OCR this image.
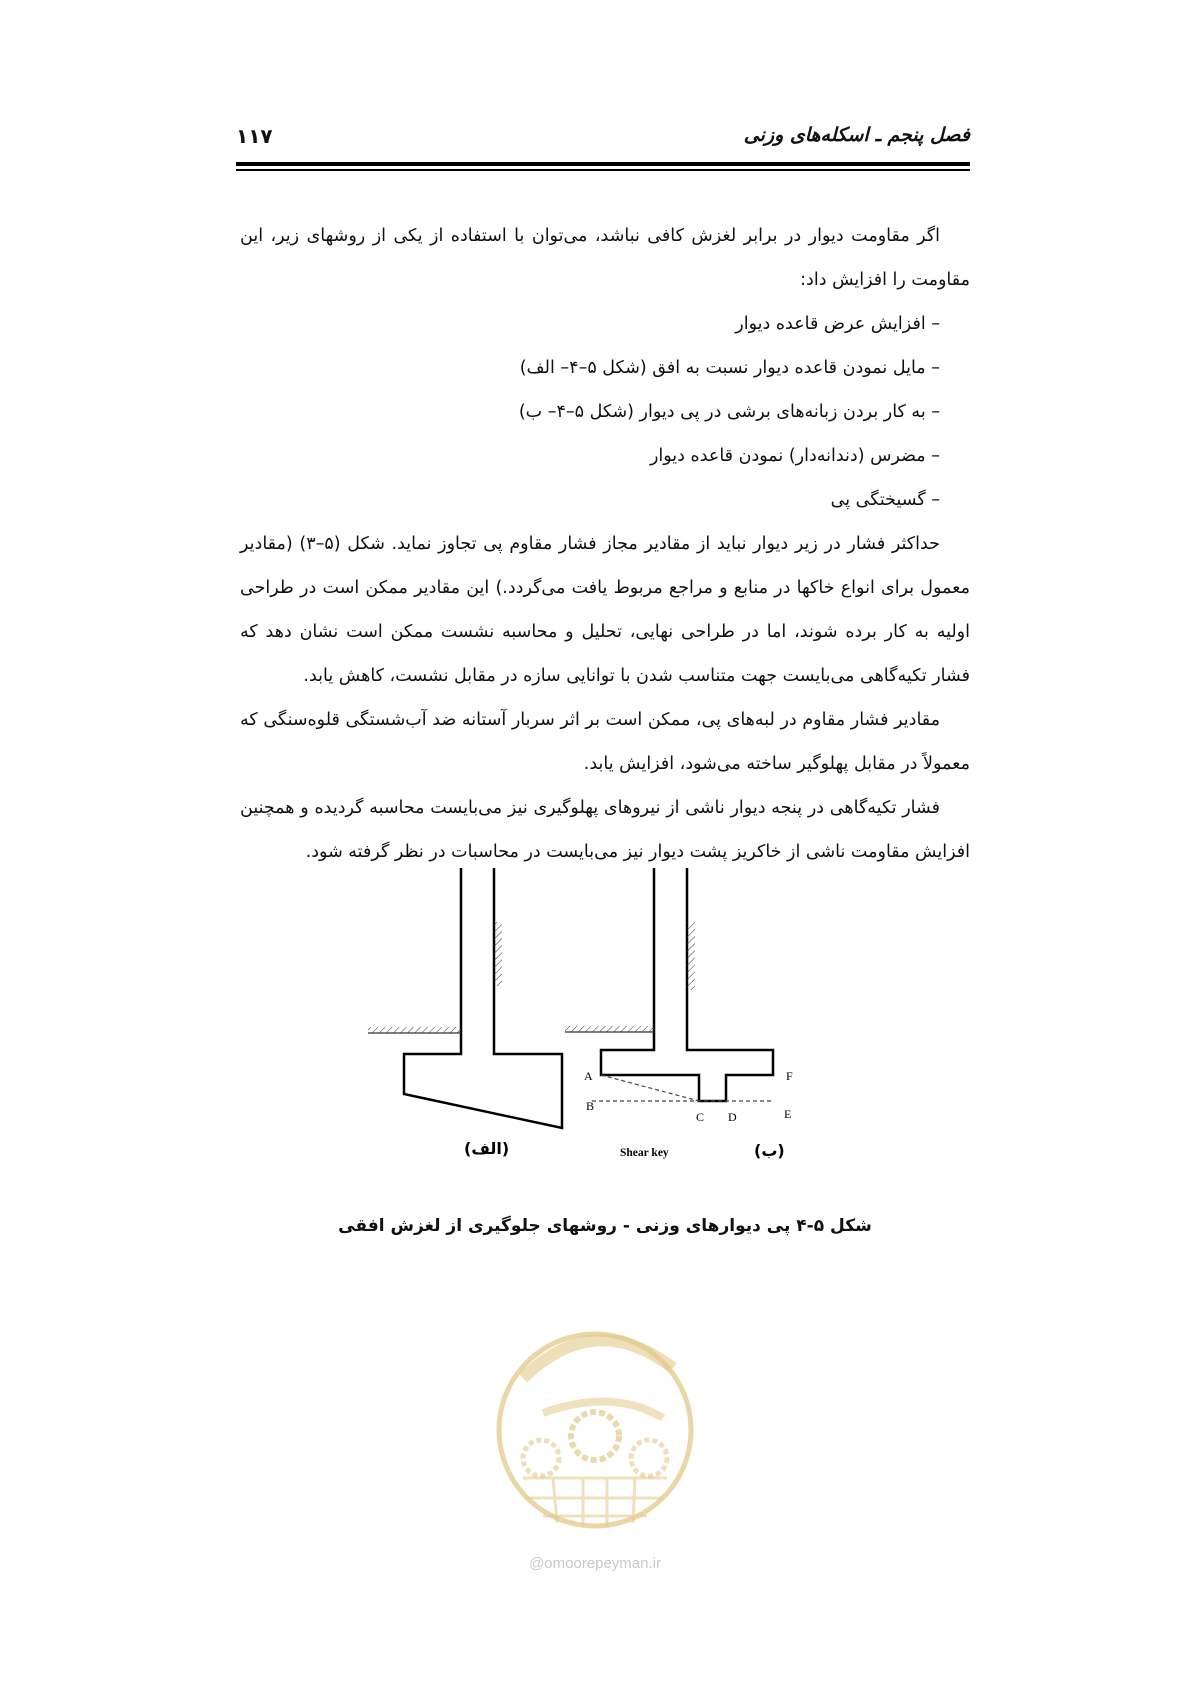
۱۱۷	فصل پنجم ـ اسکله‌های وزنی

اگر مقاومت دیوار در برابر لغزش کافی نباشد، می‌توان با استفاده از یکی از روشهای زیر، این مقاومت را افزایش داد:

– افزایش عرض قاعده دیوار
– مایل نمودن قاعده دیوار نسبت به افق (شکل ۵–۴– الف)
– به کار بردن زبانه‌های برشی در پی دیوار (شکل ۵–۴– ب)
– مضرس (دندانه‌دار) نمودن قاعده دیوار
– گسیختگی پی

حداکثر فشار در زیر دیوار نباید از مقادیر مجاز فشار مقاوم پی تجاوز نماید. شکل (۵–۳) (مقادیر معمول برای انواع خاکها در منابع و مراجع مربوط یافت می‌گردد.) این مقادیر ممکن است در طراحی اولیه به کار برده شوند، اما در طراحی نهایی، تحلیل و محاسبه نشست ممکن است نشان دهد که فشار تکیه‌گاهی می‌بایست جهت متناسب شدن با توانایی سازه در مقابل نشست، کاهش یابد.

مقادیر فشار مقاوم در لبه‌های پی، ممکن است بر اثر سربار آستانه ضد آب‌شستگی قلوه‌سنگی که معمولاً در مقابل پهلوگیر ساخته می‌شود، افزایش یابد.

فشار تکیه‌گاهی در پنجه دیوار ناشی از نیروهای پهلوگیری نیز می‌بایست محاسبه گردیده و همچنین افزایش مقاومت ناشی از خاکریز پشت دیوار نیز می‌بایست در محاسبات در نظر گرفته شود.

A
B
C D	E
F
Shear key
(الف)	(ب)
شکل ۵-۴ پی دیوارهای وزنی - روشهای جلوگیری از لغزش افقی
@omoorepeyman.ir
